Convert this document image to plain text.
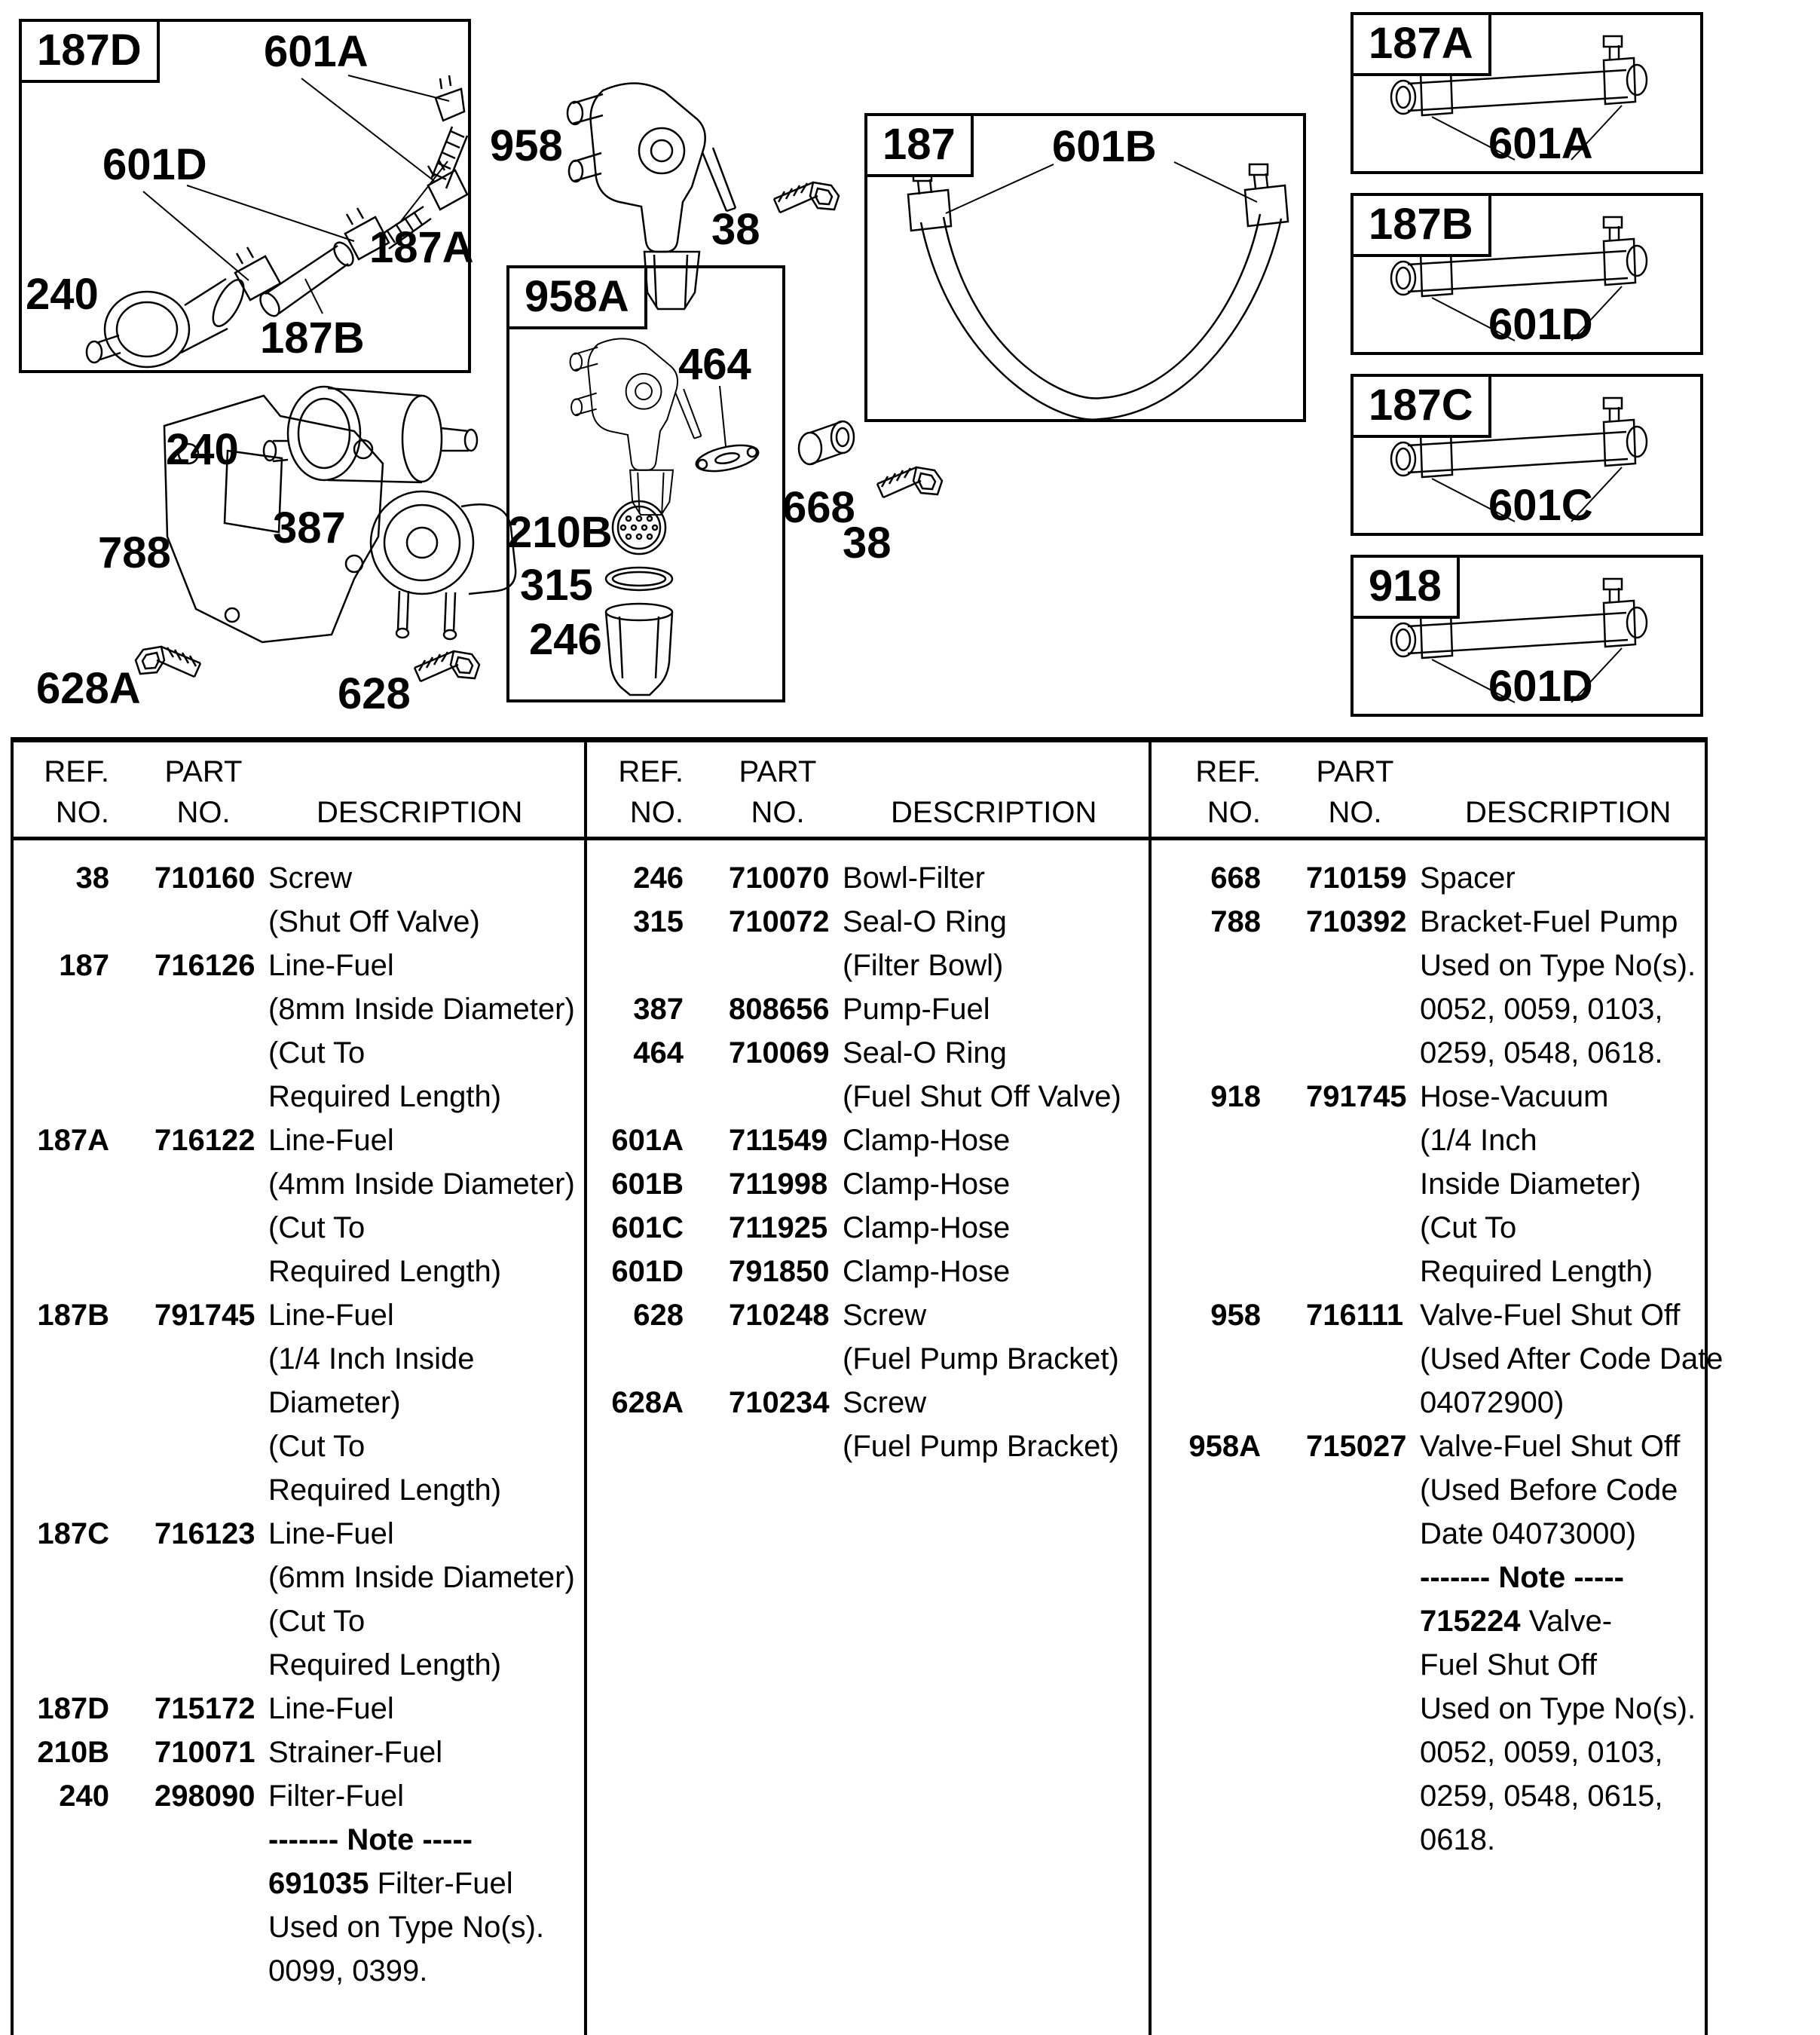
187D
187
958A
187A
187B
187C
918
601A
601D
240
187A
187B
958
38
601B
464
210B
315
246
240
387
788
628A	628
668
38
601A
601D
601C
601D
REF.
NO.
PART
NO.	DESCRIPTION
REF.
NO.
PART
NO.	DESCRIPTION
REF.
NO.
PART
NO.	DESCRIPTION
38 710160 Screw
(Shut Off Valve)
187 716126 Line-Fuel
(8mm Inside Diameter)
(Cut To
Required Length)
187A 716122 Line-Fuel
(4mm Inside Diameter)
(Cut To
Required Length)
187B 791745 Line-Fuel
(1/4 Inch Inside
Diameter)
(Cut To
Required Length)
187C 716123 Line-Fuel
(6mm Inside Diameter)
(Cut To
Required Length)
187D 715172 Line-Fuel
210B 710071 Strainer-Fuel
240 298090 Filter-Fuel
------- Note -----
691035 Filter-Fuel
Used on Type No(s).
0099, 0399.
246 710070 Bowl-Filter
315 710072 Seal-O Ring
(Filter Bowl)
387 808656 Pump-Fuel
464 710069 Seal-O Ring
(Fuel Shut Off Valve)
601A 711549 Clamp-Hose
601B 711998 Clamp-Hose
601C 711925 Clamp-Hose
601D 791850 Clamp-Hose
628 710248 Screw
(Fuel Pump Bracket)
628A 710234 Screw
(Fuel Pump Bracket)
668 710159 Spacer
788 710392 Bracket-Fuel Pump
Used on Type No(s).
0052, 0059, 0103,
0259, 0548, 0618.
918 791745 Hose-Vacuum
(1/4 Inch
Inside Diameter)
(Cut To
Required Length)
958 716111 Valve-Fuel Shut Off
(Used After Code Date
04072900)
958A 715027 Valve-Fuel Shut Off
(Used Before Code
Date 04073000)
------- Note -----
715224 Valve-
Fuel Shut Off
Used on Type No(s).
0052, 0059, 0103,
0259, 0548, 0615,
0618.
